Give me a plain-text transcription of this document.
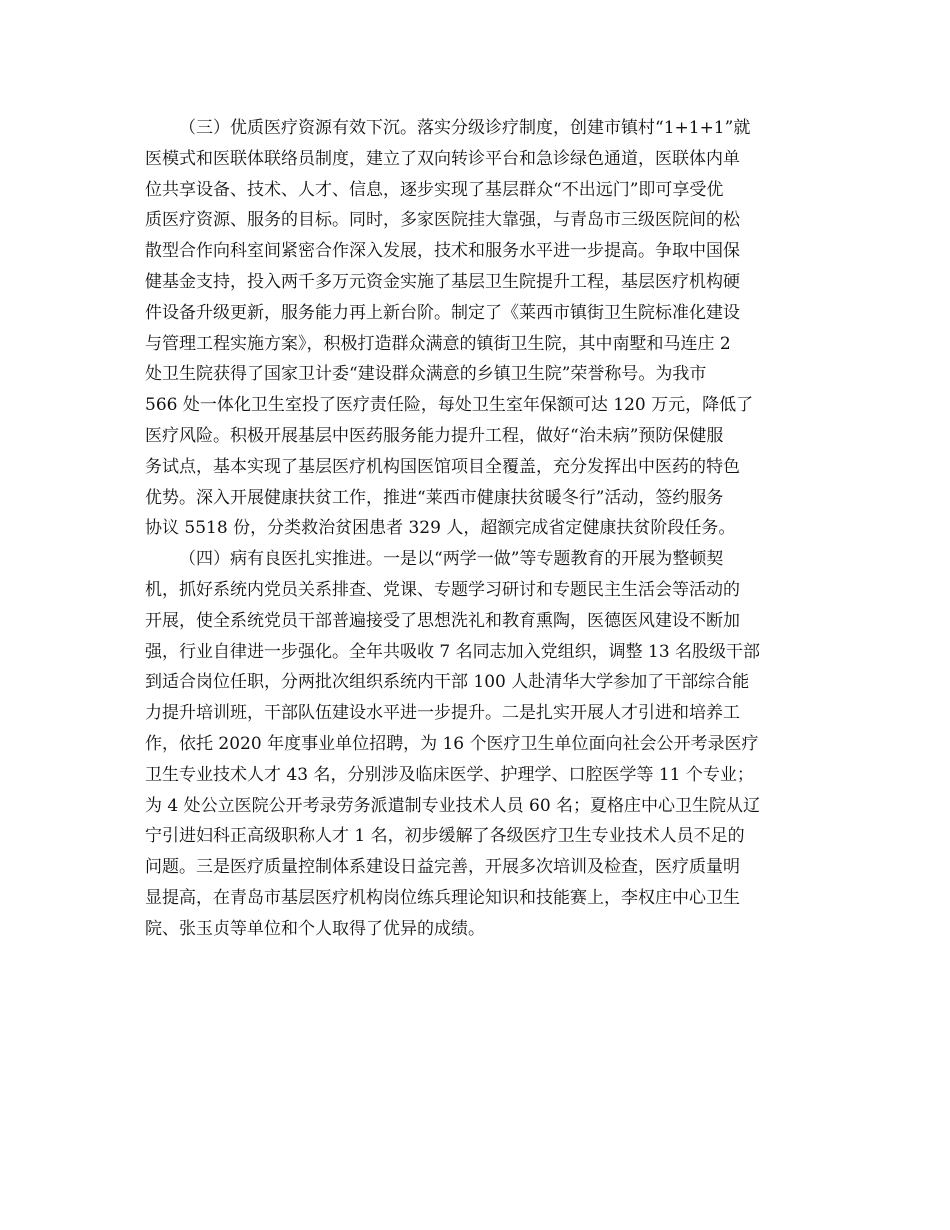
（三）优质医疗资源有效下沉。落实分级诊疗制度，创建市镇村“1+1+1”就
医模式和医联体联络员制度，建立了双向转诊平台和急诊绿色通道，医联体内单
位共享设备、技术、人才、信息，逐步实现了基层群众“不出远门”即可享受优
质医疗资源、服务的目标。同时，多家医院挂大靠强，与青岛市三级医院间的松
散型合作向科室间紧密合作深入发展，技术和服务水平进一步提高。争取中国保
健基金支持，投入两千多万元资金实施了基层卫生院提升工程，基层医疗机构硬
件设备升级更新，服务能力再上新台阶。制定了《莱西市镇街卫生院标准化建设
与管理工程实施方案》，积极打造群众满意的镇街卫生院，其中南墅和马连庄 2
处卫生院获得了国家卫计委“建设群众满意的乡镇卫生院”荣誉称号。为我市
566 处一体化卫生室投了医疗责任险，每处卫生室年保额可达 120 万元，降低了
医疗风险。积极开展基层中医药服务能力提升工程，做好“治未病”预防保健服
务试点，基本实现了基层医疗机构国医馆项目全覆盖，充分发挥出中医药的特色
优势。深入开展健康扶贫工作，推进“莱西市健康扶贫暖冬行”活动，签约服务
协议 5518 份，分类救治贫困患者 329 人，超额完成省定健康扶贫阶段任务。
（四）病有良医扎实推进。一是以“两学一做”等专题教育的开展为整顿契
机，抓好系统内党员关系排查、党课、专题学习研讨和专题民主生活会等活动的
开展，使全系统党员干部普遍接受了思想洗礼和教育熏陶，医德医风建设不断加
强，行业自律进一步强化。全年共吸收 7 名同志加入党组织，调整 13 名股级干部
到适合岗位任职，分两批次组织系统内干部 100 人赴清华大学参加了干部综合能
力提升培训班，干部队伍建设水平进一步提升。二是扎实开展人才引进和培养工
作，依托 2020 年度事业单位招聘，为 16 个医疗卫生单位面向社会公开考录医疗
卫生专业技术人才 43 名，分别涉及临床医学、护理学、口腔医学等 11 个专业；
为 4 处公立医院公开考录劳务派遣制专业技术人员 60 名；夏格庄中心卫生院从辽
宁引进妇科正高级职称人才 1 名，初步缓解了各级医疗卫生专业技术人员不足的
问题。三是医疗质量控制体系建设日益完善，开展多次培训及检查，医疗质量明
显提高，在青岛市基层医疗机构岗位练兵理论知识和技能赛上，李权庄中心卫生
院、张玉贞等单位和个人取得了优异的成绩。
